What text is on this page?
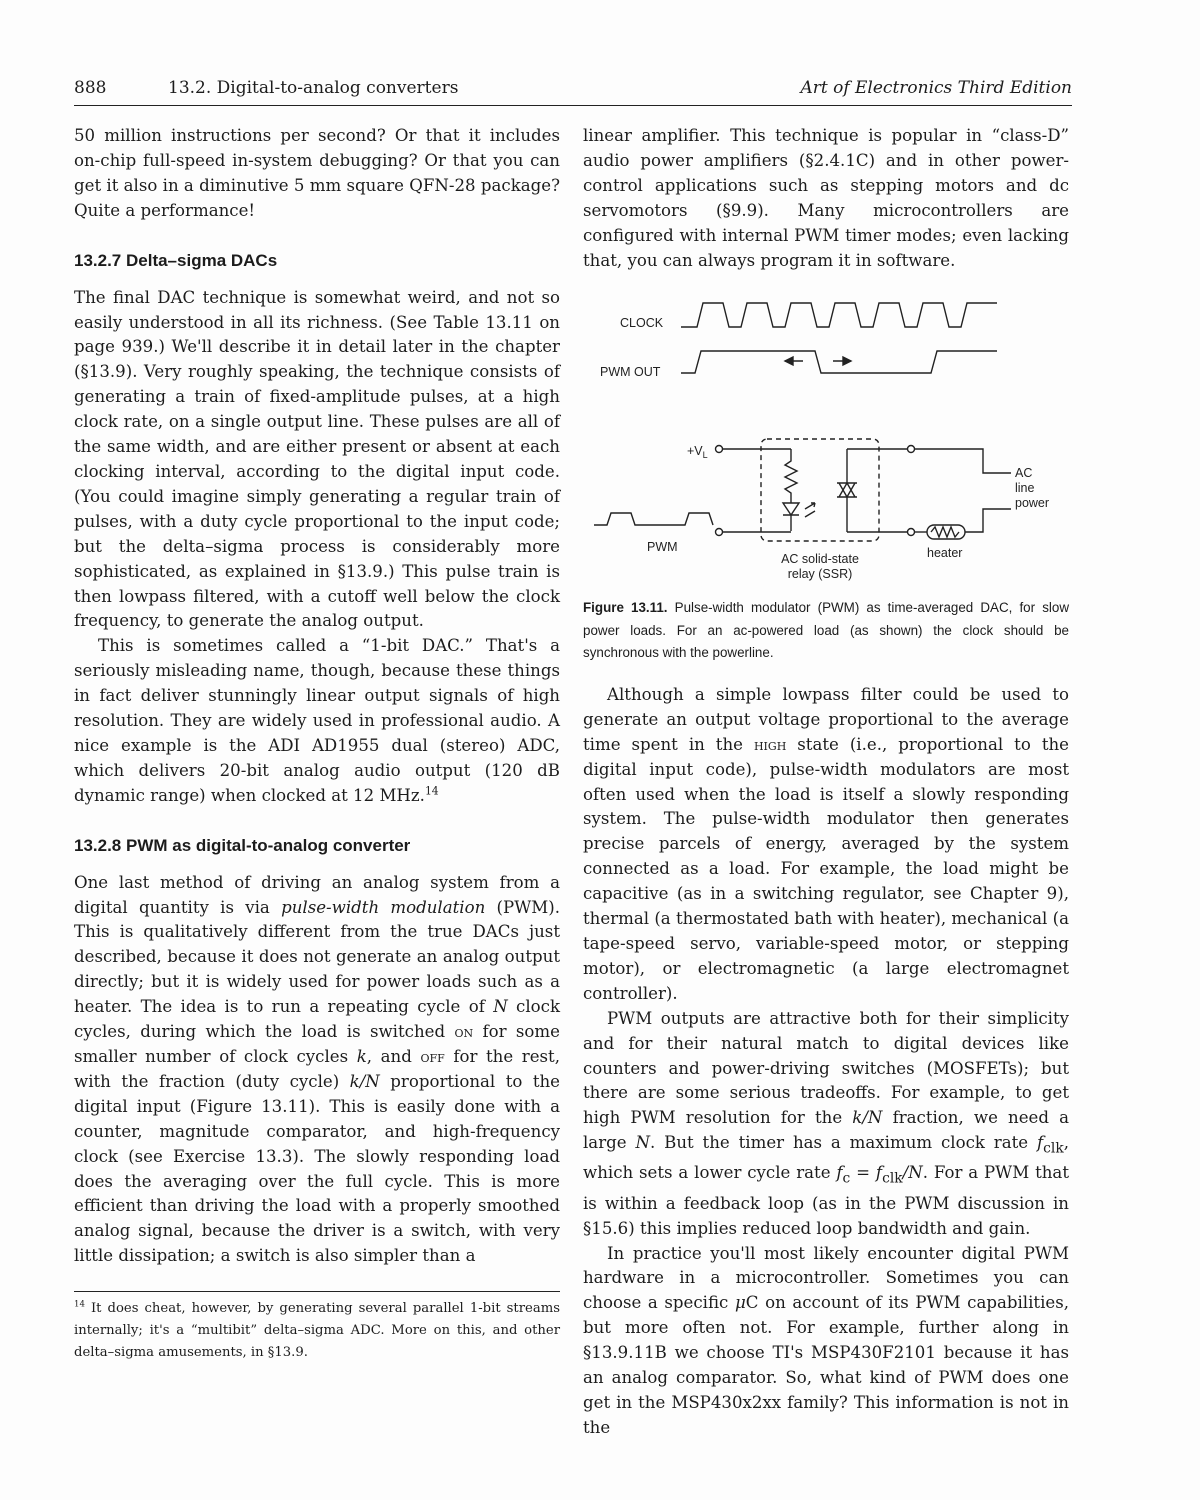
888	13.2. Digital-to-analog converters	Art of Electronics Third Edition

50 million instructions per second? Or that it includes on-chip full-speed in-system debugging? Or that you can get it also in a diminutive 5 mm square QFN-28 package? Quite a performance!

13.2.7 Delta–sigma DACs

The final DAC technique is somewhat weird, and not so easily understood in all its richness. (See Table 13.11 on page 939.) We'll describe it in detail later in the chapter (§13.9). Very roughly speaking, the technique consists of generating a train of fixed-amplitude pulses, at a high clock rate, on a single output line. These pulses are all of the same width, and are either present or absent at each clocking interval, according to the digital input code. (You could imagine simply generating a regular train of pulses, with a duty cycle proportional to the input code; but the delta–sigma process is considerably more sophisticated, as explained in §13.9.) This pulse train is then lowpass filtered, with a cutoff well below the clock frequency, to generate the analog output.

This is sometimes called a “1-bit DAC.” That's a seriously misleading name, though, because these things in fact deliver stunningly linear output signals of high resolution. They are widely used in professional audio. A nice example is the ADI AD1955 dual (stereo) ADC, which delivers 20-bit analog audio output (120 dB dynamic range) when clocked at 12 MHz.$^{14}$

13.2.8 PWM as digital-to-analog converter

One last method of driving an analog system from a digital quantity is via pulse-width modulation (PWM). This is qualitatively different from the true DACs just described, because it does not generate an analog output directly; but it is widely used for power loads such as a heater. The idea is to run a repeating cycle of N clock cycles, during which the load is switched on for some smaller number of clock cycles k, and off for the rest, with the fraction (duty cycle) k/N proportional to the digital input (Figure 13.11). This is easily done with a counter, magnitude comparator, and high-frequency clock (see Exercise 13.3). The slowly responding load does the averaging over the full cycle. This is more efficient than driving the load with a properly smoothed analog signal, because the driver is a switch, with very little dissipation; a switch is also simpler than a

$^{14}$ It does cheat, however, by generating several parallel 1-bit streams internally; it's a “multibit” delta–sigma ADC. More on this, and other delta–sigma amusements, in §13.9.

linear amplifier. This technique is popular in “class-D” audio power amplifiers (§2.4.1C) and in other power-control applications such as stepping motors and dc servomotors (§9.9). Many microcontrollers are configured with internal PWM timer modes; even lacking that, you can always program it in software.

CLOCK
PWM OUT
$+V_L$
PWM	heater
AC
line
power
AC solid-state
relay (SSR)
Figure 13.11. Pulse-width modulator (PWM) as time-averaged DAC, for slow power loads. For an ac-powered load (as shown) the clock should be synchronous with the powerline.

Although a simple lowpass filter could be used to generate an output voltage proportional to the average time spent in the high state (i.e., proportional to the digital input code), pulse-width modulators are most often used when the load is itself a slowly responding system. The pulse-width modulator then generates precise parcels of energy, averaged by the system connected as a load. For example, the load might be capacitive (as in a switching regulator, see Chapter 9), thermal (a thermostated bath with heater), mechanical (a tape-speed servo, variable-speed motor, or stepping motor), or electromagnetic (a large electromagnet controller).

PWM outputs are attractive both for their simplicity and for their natural match to digital devices like counters and power-driving switches (MOSFETs); but there are some serious tradeoffs. For example, to get high PWM resolution for the k/N fraction, we need a large N. But the timer has a maximum clock rate $f_{clk}$, which sets a lower cycle rate $f_c = f_{clk}/N$. For a PWM that is within a feedback loop (as in the PWM discussion in §15.6) this implies reduced loop bandwidth and gain.

In practice you'll most likely encounter digital PWM hardware in a microcontroller. Sometimes you can choose a specific μC on account of its PWM capabilities, but more often not. For example, further along in §13.9.11B we choose TI's MSP430F2101 because it has an analog comparator. So, what kind of PWM does one get in the MSP430x2xx family? This information is not in the
